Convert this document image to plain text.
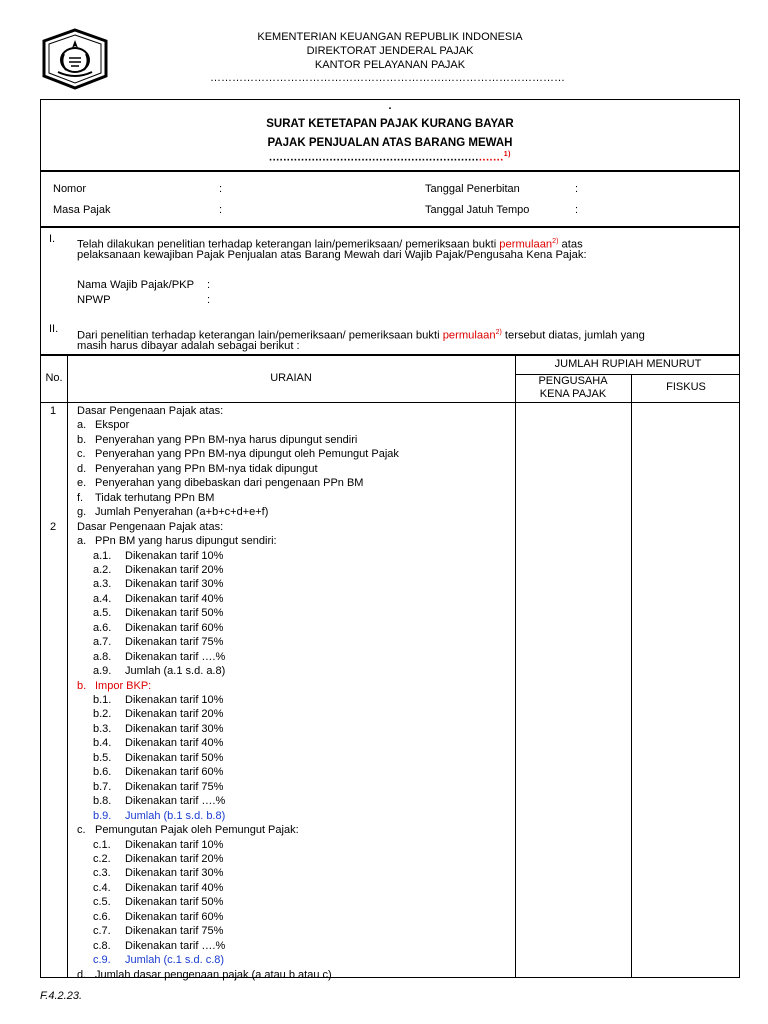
KEMENTERIAN KEUANGAN REPUBLIK INDONESIA
DIREKTORAT JENDERAL PAJAK
KANTOR PELAYANAN PAJAK
……………………………………………………….……………………………
.
SURAT KETETAPAN PAJAK KURANG BAYAR
PAJAK PENJUALAN ATAS BARANG MEWAH
..................................................................$^{1)}$
Nomor	:	Tanggal Penerbitan	:
Masa Pajak	:	Tanggal Jatuh Tempo	:
I. Telah dilakukan penelitian terhadap keterangan lain/pemeriksaan/ pemeriksaan bukti permulaan$^{2)}$ atas
pelaksanaan kewajiban Pajak Penjualan atas Barang Mewah dari Wajib Pajak/Pengusaha Kena Pajak:
Nama Wajib Pajak/PKP	:
NPWP	:
II.
Dari penelitian terhadap keterangan lain/pemeriksaan/ pemeriksaan bukti permulaan$^{2)}$ tersebut diatas, jumlah yang
masih harus dibayar adalah sebagai berikut :
No.	URAIAN
JUMLAH RUPIAH MENURUT
PENGUSAHA
KENA PAJAK
FISKUS
1 Dasar Pengenaan Pajak atas:
a. Ekspor
b. Penyerahan yang PPn BM-nya harus dipungut sendiri
c. Penyerahan yang PPn BM-nya dipungut oleh Pemungut Pajak
d. Penyerahan yang PPn BM-nya tidak dipungut
e. Penyerahan yang dibebaskan dari pengenaan PPn BM
f. Tidak terhutang PPn BM
g. Jumlah Penyerahan (a+b+c+d+e+f)
2 Dasar Pengenaan Pajak atas:
a. PPn BM yang harus dipungut sendiri:
a.1. Dikenakan tarif 10%
a.2. Dikenakan tarif 20%
a.3. Dikenakan tarif 30%
a.4. Dikenakan tarif 40%
a.5. Dikenakan tarif 50%
a.6. Dikenakan tarif 60%
a.7. Dikenakan tarif 75%
a.8. Dikenakan tarif ….%
a.9. Jumlah (a.1 s.d. a.8)
b. Impor BKP:
b.1. Dikenakan tarif 10%
b.2. Dikenakan tarif 20%
b.3. Dikenakan tarif 30%
b.4. Dikenakan tarif 40%
b.5. Dikenakan tarif 50%
b.6. Dikenakan tarif 60%
b.7. Dikenakan tarif 75%
b.8. Dikenakan tarif ….%
b.9. Jumlah (b.1 s.d. b.8)
c. Pemungutan Pajak oleh Pemungut Pajak:
c.1. Dikenakan tarif 10%
c.2. Dikenakan tarif 20%
c.3. Dikenakan tarif 30%
c.4. Dikenakan tarif 40%
c.5. Dikenakan tarif 50%
c.6. Dikenakan tarif 60%
c.7. Dikenakan tarif 75%
c.8. Dikenakan tarif ….%
c.9. Jumlah (c.1 s.d. c.8)
d. Jumlah dasar pengenaan pajak (a atau b atau c)
F.4.2.23.
